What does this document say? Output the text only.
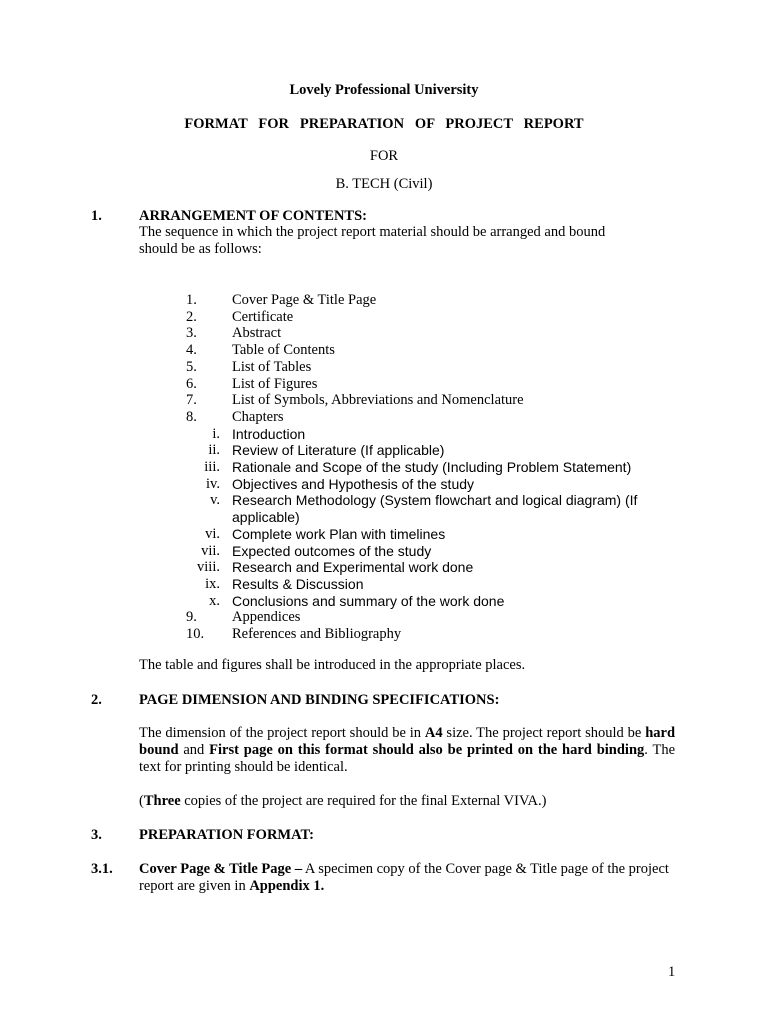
Lovely Professional University
FORMAT   FOR   PREPARATION   OF   PROJECT   REPORT
FOR
B. TECH (Civil)
1.	ARRANGEMENT OF CONTENTS:
The sequence in which the project report material should be arranged and bound
should be as follows:
1. Cover Page & Title Page
2. Certificate
3. Abstract
4. Table of Contents
5. List of Tables
6. List of Figures
7. List of Symbols, Abbreviations and Nomenclature
8. Chapters
i. Introduction
ii. Review of Literature (If applicable)
iii. Rationale and Scope of the study (Including Problem Statement)
iv. Objectives and Hypothesis of the study
v. Research Methodology (System flowchart and logical diagram) (If
applicable)
vi. Complete work Plan with timelines
vii. Expected outcomes of the study
viii. Research and Experimental work done
ix. Results & Discussion
x. Conclusions and summary of the work done
9. Appendices
10. References and Bibliography
The table and figures shall be introduced in the appropriate places.
2.	PAGE DIMENSION AND BINDING SPECIFICATIONS:
The dimension of the project report should be in A4 size. The project report should be hard bound and First page on this format should also be printed on the hard binding. The text for printing should be identical.
(Three copies of the project are required for the final External VIVA.)
3.	PREPARATION FORMAT:
3.1. Cover Page & Title Page – A specimen copy of the Cover page & Title page of the project   report are given in Appendix 1.
1
